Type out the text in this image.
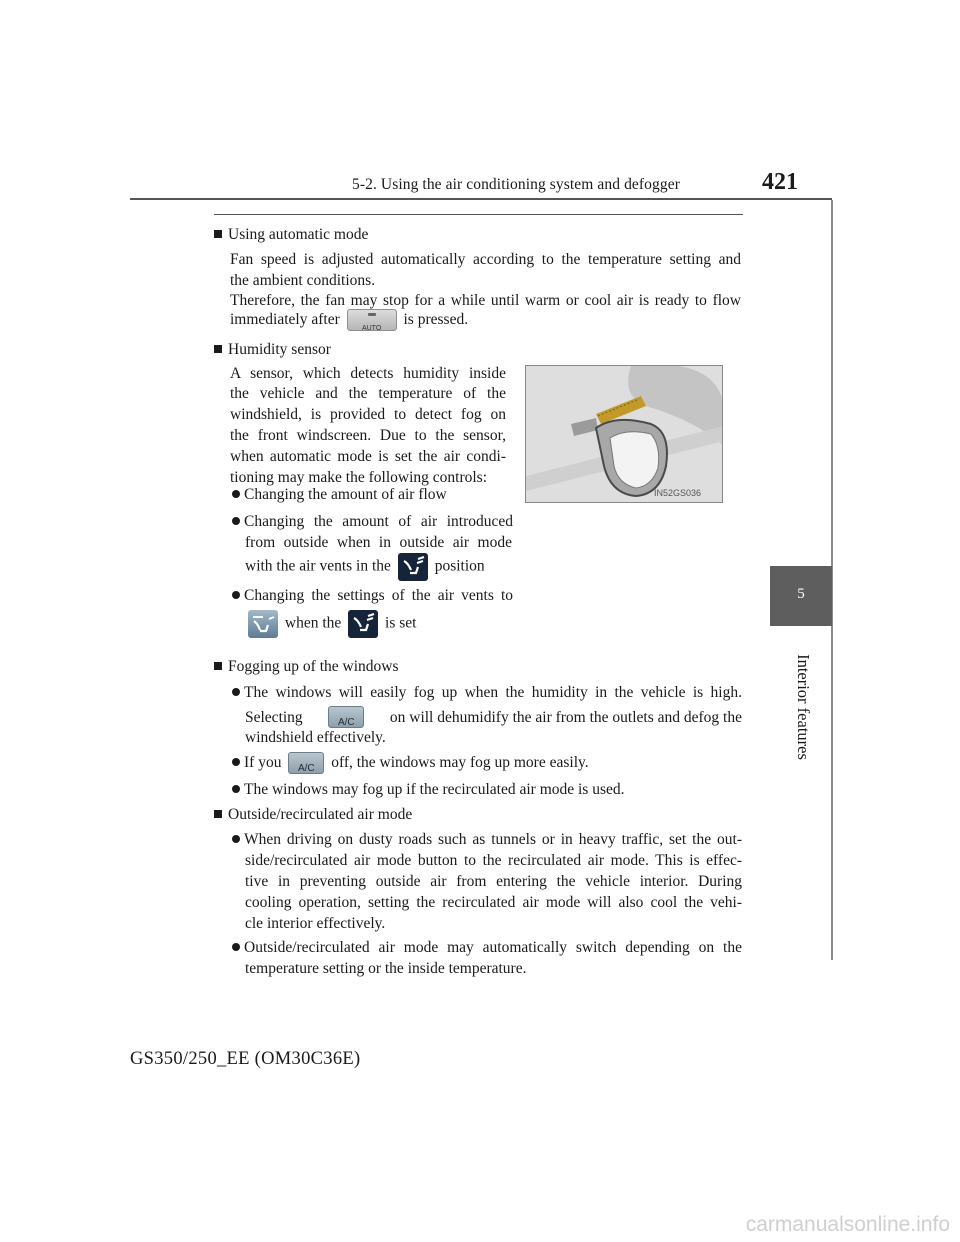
5-2. Using the air conditioning system and defogger	421
5
Interior features
Using automatic mode
Fan speed is adjusted automatically according to the temperature setting and
the ambient conditions.
Therefore, the fan may stop for a while until warm or cool air is ready to flow
immediately after
AUTO
is pressed.
Humidity sensor
A sensor, which detects humidity inside
the vehicle and the temperature of the
windshield, is provided to detect fog on
the front windscreen. Due to the sensor,
when automatic mode is set the air condi-
tioning may make the following controls:
Changing the amount of air flow
Changing the amount of air introduced
from outside when in outside air mode
with the air vents in the	position
Changing the settings of the air vents to
when the	is set
IN52GS036
Fogging up of the windows
The windows will easily fog up when the humidity in the vehicle is high.
Selecting	A/C	on will dehumidify the air from the outlets and defog the
windshield effectively.
If you	A/C	off, the windows may fog up more easily.
The windows may fog up if the recirculated air mode is used.
Outside/recirculated air mode
When driving on dusty roads such as tunnels or in heavy traffic, set the out-
side/recirculated air mode button to the recirculated air mode. This is effec-
tive in preventing outside air from entering the vehicle interior. During
cooling operation, setting the recirculated air mode will also cool the vehi-
cle interior effectively.
Outside/recirculated air mode may automatically switch depending on the
temperature setting or the inside temperature.
GS350/250_EE (OM30C36E)
carmanualsonline.info
